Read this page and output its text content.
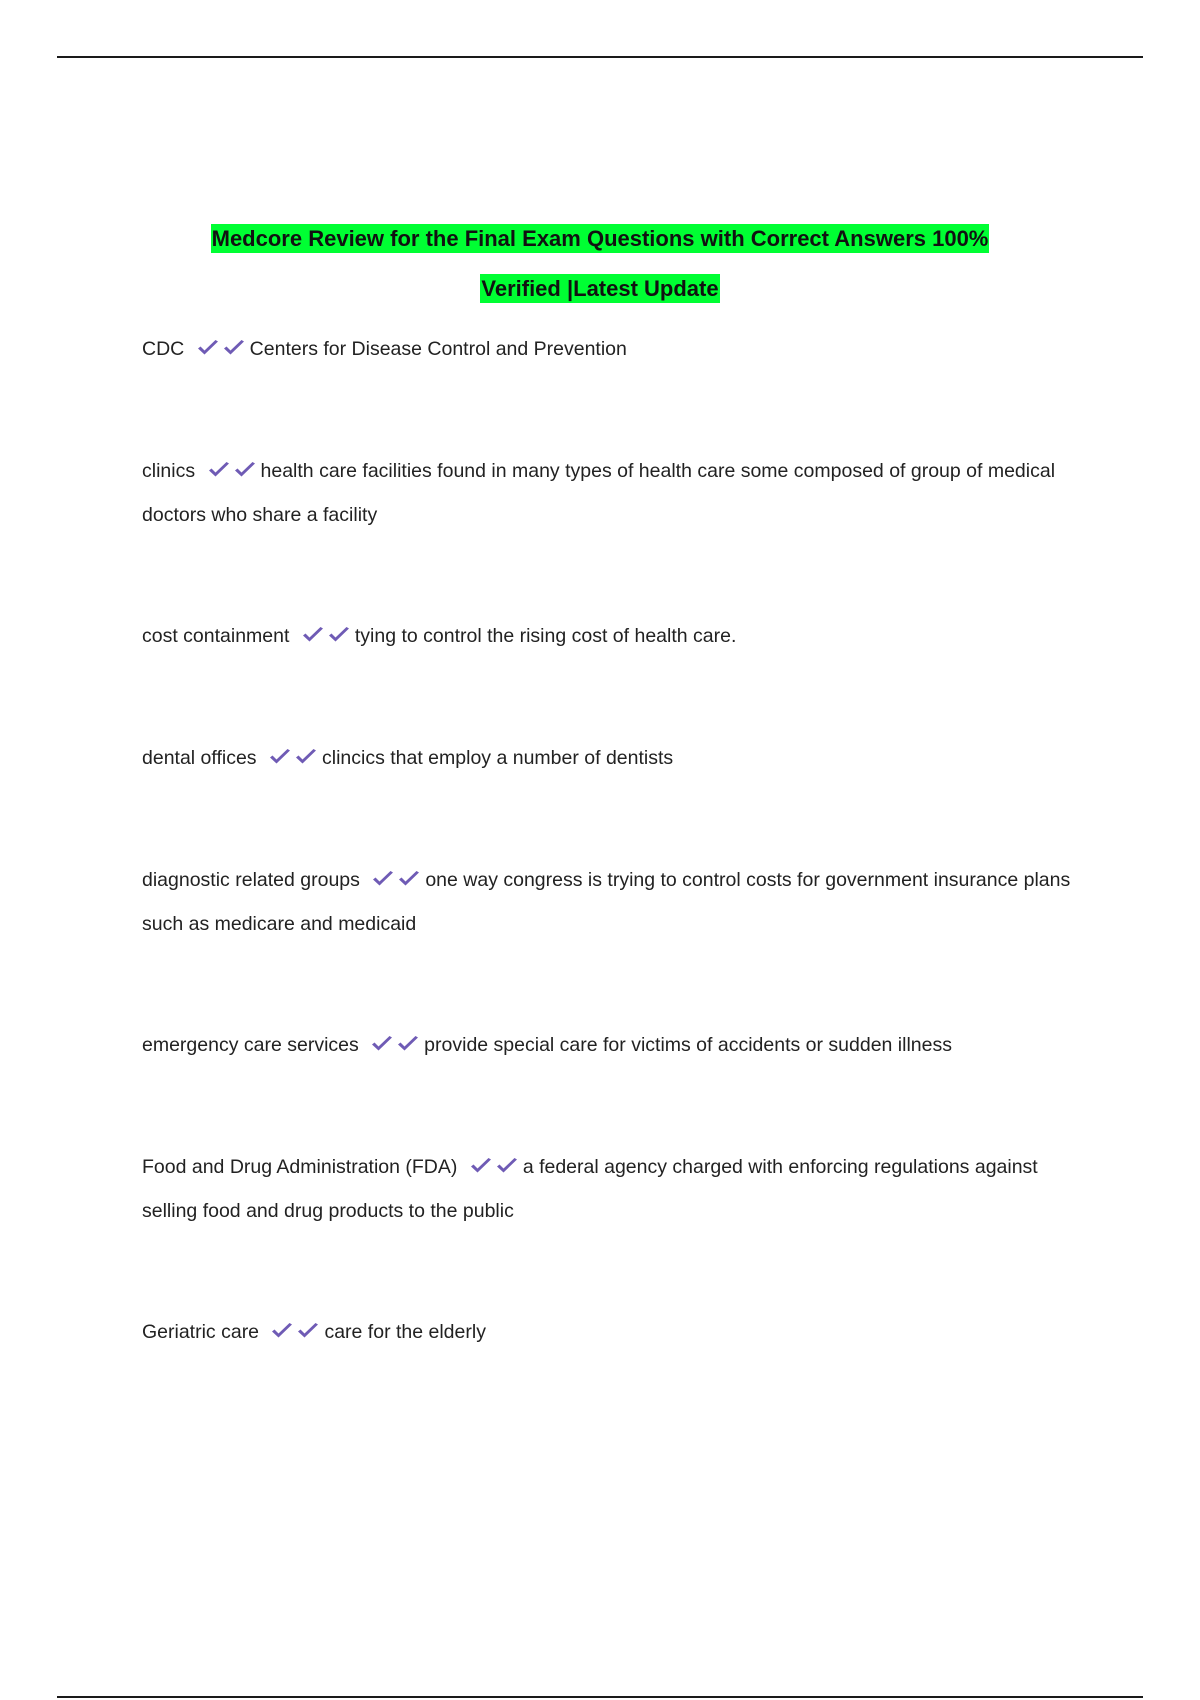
Medcore Review for the Final Exam Questions with Correct Answers 100%
Verified |Latest Update
CDC	Centers for Disease Control and Prevention
clinics	health care facilities found in many types of health care some composed of group of medical doctors who share a facility
cost containment	tying to control the rising cost of health care.
dental offices	clincics that employ a number of dentists
diagnostic related groups	one way congress is trying to control costs for government insurance plans such as medicare and medicaid
emergency care services	provide special care for victims of accidents or sudden illness
Food and Drug Administration (FDA)	a federal agency charged with enforcing regulations against selling food and drug products to the public
Geriatric care	care for the elderly
